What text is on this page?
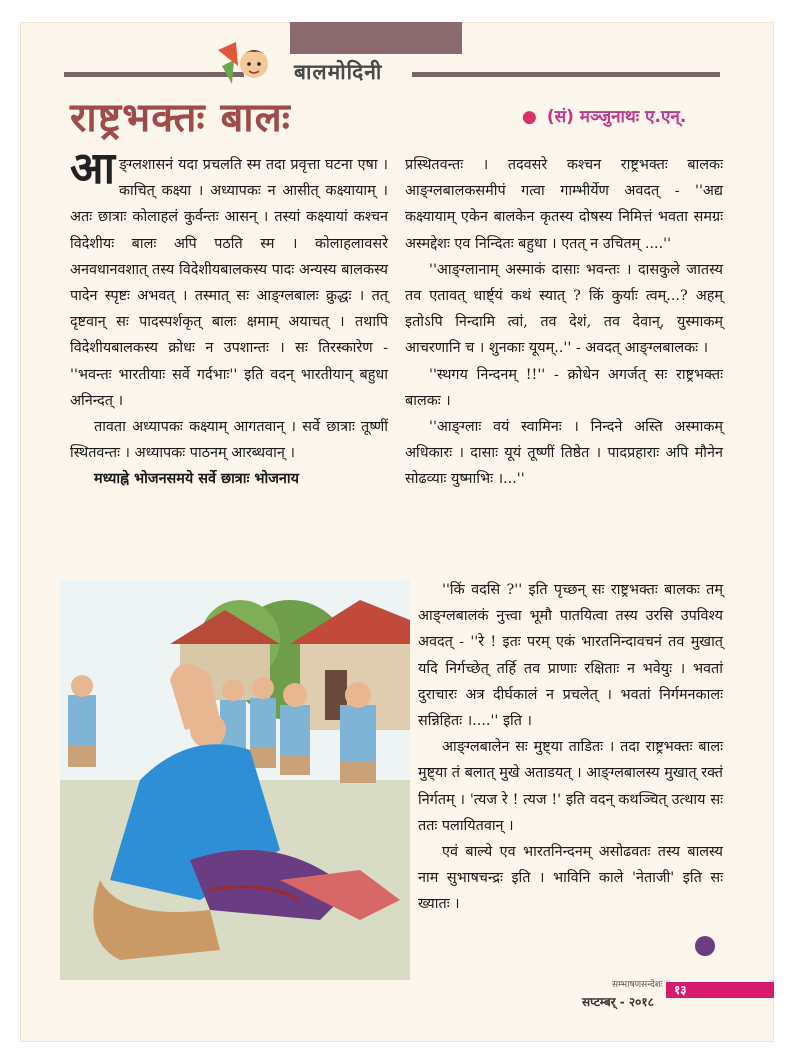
बालमोदिनी
राष्ट्रभक्तः बालः	● (सं) मञ्जुनाथः ए.एन्.

आङ्ग्लशासनं यदा प्रचलति स्म तदा प्रवृत्ता घटना एषा । काचित् कक्ष्या । अध्यापकः न आसीत् कक्ष्यायाम् । अतः छात्राः कोलाहलं कुर्वन्तः आसन् । तस्यां कक्ष्यायां कश्चन विदेशीयः बालः अपि पठति स्म । कोलाहलावसरे अनवधानवशात् तस्य विदेशीयबालकस्य पादः अन्यस्य बालकस्य पादेन स्पृष्टः अभवत् । तस्मात् सः आङ्ग्लबालः क्रुद्धः । तत् दृष्टवान् सः पादस्पर्शकृत् बालः क्षमाम् अयाचत् । तथापि विदेशीयबालकस्य क्रोधः न उपशान्तः । सः तिरस्कारेण - ''भवन्तः भारतीयाः सर्वे गर्दभाः'' इति वदन् भारतीयान् बहुधा अनिन्दत् ।

तावता अध्यापकः कक्ष्याम् आगतवान् । सर्वे छात्राः तूष्णीं स्थितवन्तः । अध्यापकः पाठनम् आरब्धवान् ।

मध्याह्ने भोजनसमये सर्वे छात्राः भोजनाय

प्रस्थितवन्तः । तदवसरे कश्चन राष्ट्रभक्तः बालकः आङ्ग्लबालकसमीपं गत्वा गाम्भीर्येण अवदत् - ''अद्य कक्ष्यायाम् एकेन बालकेन कृतस्य दोषस्य निमित्तं भवता समग्रः अस्मद्देशः एव निन्दितः बहुधा । एतत् न उचितम् ....''

''आङ्ग्लानाम् अस्माकं दासाः भवन्तः । दासकुले जातस्य तव एतावत् धार्ष्ट्यं कथं स्यात् ? किं कुर्याः त्वम्...? अहम् इतोऽपि निन्दामि त्वां, तव देशं, तव देवान्, युस्माकम् आचरणानि च । शुनकाः यूयम्..'' - अवदत् आङ्ग्लबालकः ।

''स्थगय निन्दनम् !!'' - क्रोधेन अगर्जत् सः राष्ट्रभक्तः बालकः ।

''आङ्ग्लाः वयं स्वामिनः । निन्दने अस्ति अस्माकम् अधिकारः । दासाः यूयं तूष्णीं तिष्ठेत । पादप्रहाराः अपि मौनेन सोढव्याः युष्माभिः ।...''

''किं वदसि ?'' इति पृच्छन् सः राष्ट्रभक्तः बालकः तम् आङ्ग्लबालकं नुत्त्वा भूमौ पातयित्वा तस्य उरसि उपविश्य अवदत् - ''रे ! इतः परम् एकं भारतनिन्दावचनं तव मुखात् यदि निर्गच्छेत् तर्हि तव प्राणाः रक्षिताः न भवेयुः । भवतां दुराचारः अत्र दीर्घकालं न प्रचलेत् । भवतां निर्गमनकालः सन्निहितः ।....'' इति ।

आङ्ग्लबालेन सः मुष्ट्या ताडितः । तदा राष्ट्रभक्तः बालः मुष्ट्या तं बलात् मुखे अताडयत् । आङ्ग्लबालस्य मुखात् रक्तं निर्गतम् । 'त्यज रे ! त्यज !' इति वदन् कथञ्चित् उत्थाय सः ततः पलायितवान् ।

एवं बाल्ये एव भारतनिन्दनम् असोढवतः तस्य बालस्य नाम सुभाषचन्द्रः इति । भाविनि काले 'नेताजी' इति सः ख्यातः ।

सम्भाषणसन्देशः
सप्टम्बर् - २०१८
१३
